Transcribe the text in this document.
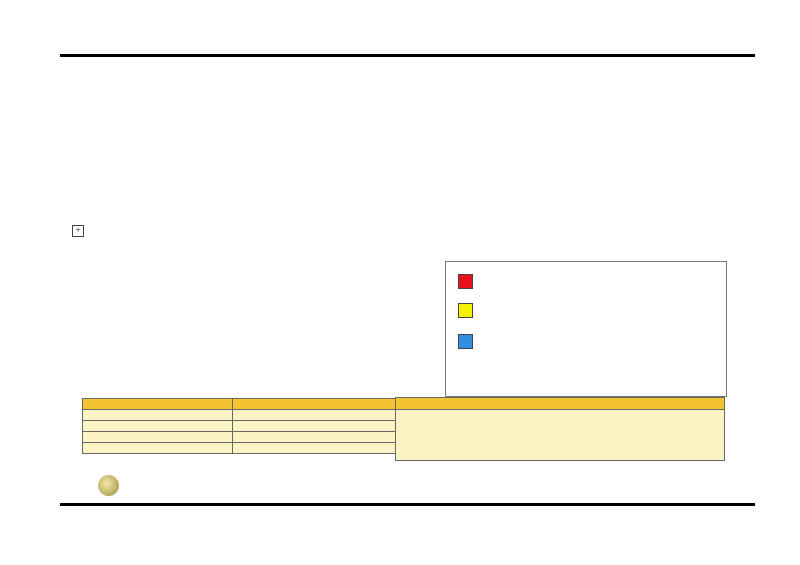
+
